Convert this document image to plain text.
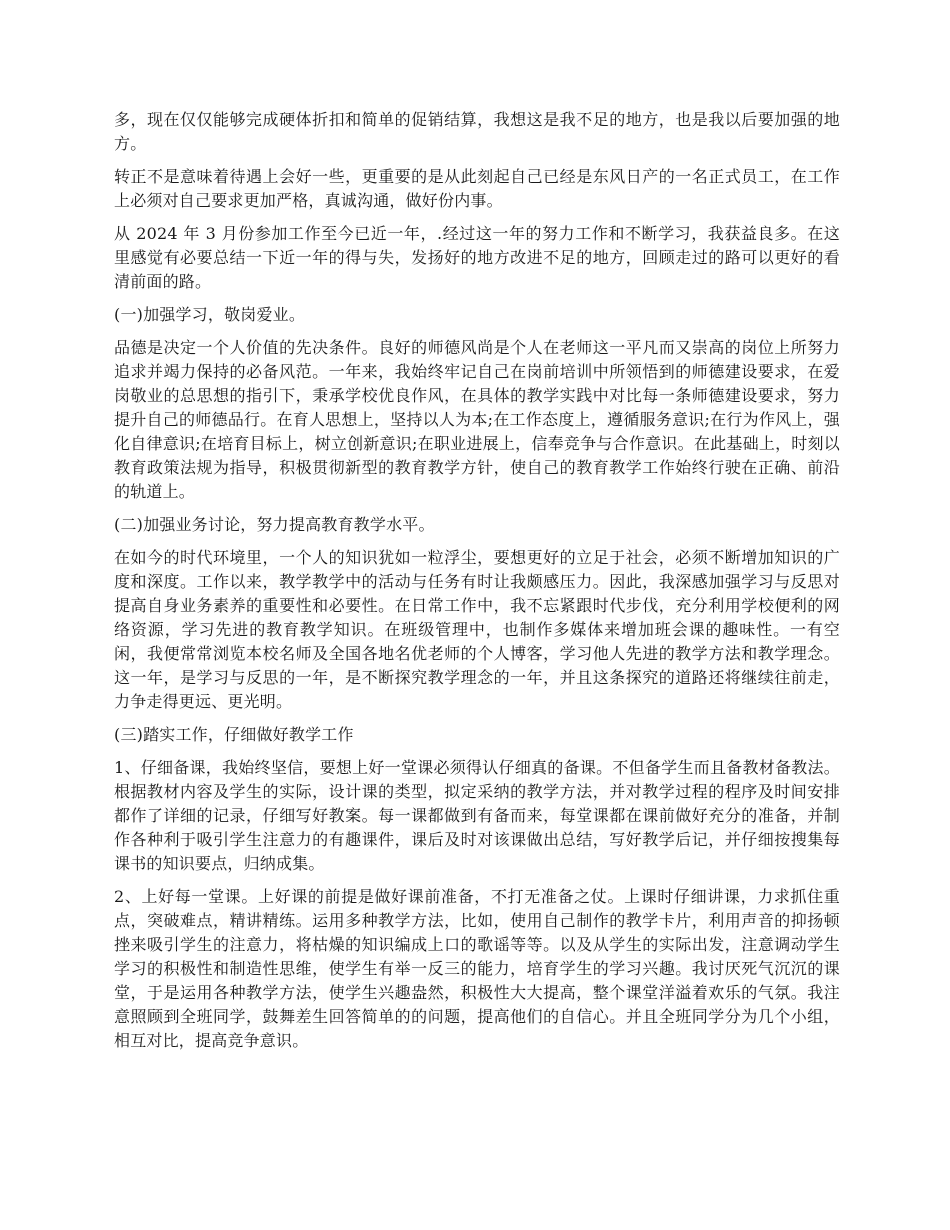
多，现在仅仅能够完成硬体折扣和简单的促销结算，我想这是我不足的地方，也是我以后要加强的地方。

转正不是意味着待遇上会好一些，更重要的是从此刻起自己已经是东风日产的一名正式员工，在工作上必须对自己要求更加严格，真诚沟通，做好份内事。

从 2024 年 3 月份参加工作至今已近一年，.经过这一年的努力工作和不断学习，我获益良多。在这里感觉有必要总结一下近一年的得与失，发扬好的地方改进不足的地方，回顾走过的路可以更好的看清前面的路。

(一)加强学习，敬岗爱业。

品德是决定一个人价值的先决条件。良好的师德风尚是个人在老师这一平凡而又崇高的岗位上所努力追求并竭力保持的必备风范。一年来，我始终牢记自己在岗前培训中所领悟到的师德建设要求，在爱岗敬业的总思想的指引下，秉承学校优良作风，在具体的教学实践中对比每一条师德建设要求，努力提升自己的师德品行。在育人思想上，坚持以人为本;在工作态度上，遵循服务意识;在行为作风上，强化自律意识;在培育目标上，树立创新意识;在职业进展上，信奉竞争与合作意识。在此基础上，时刻以教育政策法规为指导，积极贯彻新型的教育教学方针，使自己的教育教学工作始终行驶在正确、前沿的轨道上。

(二)加强业务讨论，努力提高教育教学水平。

在如今的时代环境里，一个人的知识犹如一粒浮尘，要想更好的立足于社会，必须不断增加知识的广度和深度。工作以来，教学教学中的活动与任务有时让我颇感压力。因此，我深感加强学习与反思对提高自身业务素养的重要性和必要性。在日常工作中，我不忘紧跟时代步伐，充分利用学校便利的网络资源，学习先进的教育教学知识。在班级管理中，也制作多媒体来增加班会课的趣味性。一有空闲，我便常常浏览本校名师及全国各地名优老师的个人博客，学习他人先进的教学方法和教学理念。这一年，是学习与反思的一年，是不断探究教学理念的一年，并且这条探究的道路还将继续往前走，力争走得更远、更光明。

(三)踏实工作，仔细做好教学工作

1、仔细备课，我始终坚信，要想上好一堂课必须得认仔细真的备课。不但备学生而且备教材备教法。根据教材内容及学生的实际，设计课的类型，拟定采纳的教学方法，并对教学过程的程序及时间安排都作了详细的记录，仔细写好教案。每一课都做到有备而来，每堂课都在课前做好充分的准备，并制作各种利于吸引学生注意力的有趣课件，课后及时对该课做出总结，写好教学后记，并仔细按搜集每课书的知识要点，归纳成集。

2、上好每一堂课。上好课的前提是做好课前准备，不打无准备之仗。上课时仔细讲课，力求抓住重点，突破难点，精讲精练。运用多种教学方法，比如，使用自己制作的教学卡片，利用声音的抑扬顿挫来吸引学生的注意力，将枯燥的知识编成上口的歌谣等等。以及从学生的实际出发，注意调动学生学习的积极性和制造性思维，使学生有举一反三的能力，培育学生的学习兴趣。我讨厌死气沉沉的课堂，于是运用各种教学方法，使学生兴趣盎然，积极性大大提高，整个课堂洋溢着欢乐的气氛。我注意照顾到全班同学，鼓舞差生回答简单的的问题，提高他们的自信心。并且全班同学分为几个小组，相互对比，提高竞争意识。
